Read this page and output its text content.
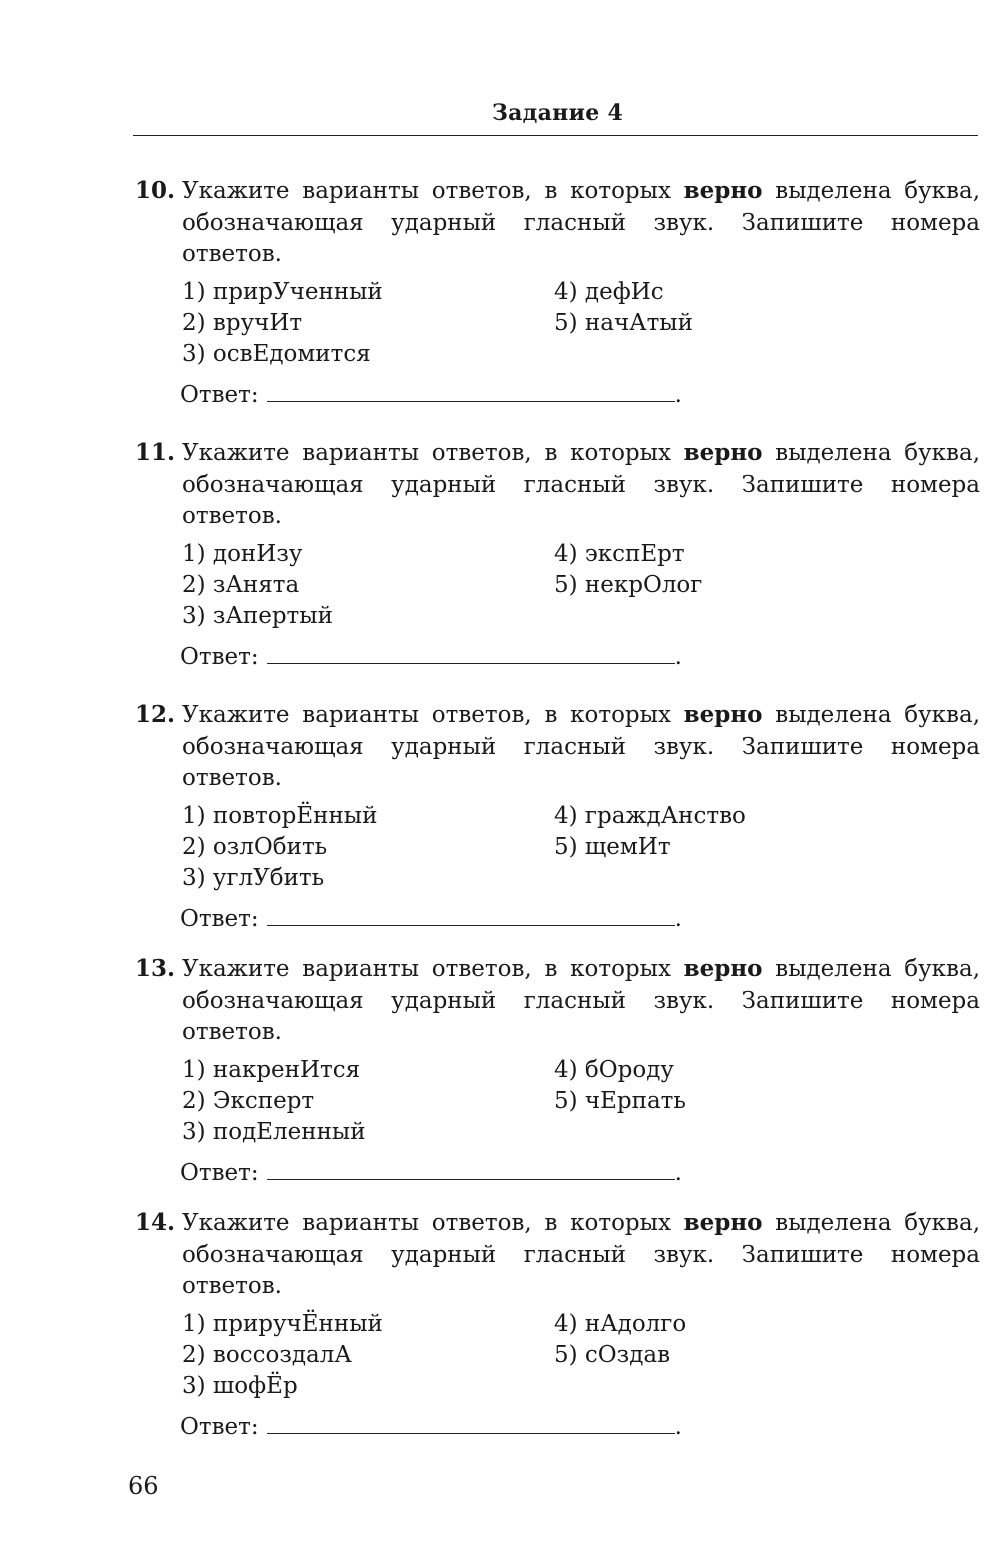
Задание 4
10. Укажите варианты ответов, в которых верно выделена буква, обозначающая ударный гласный звук. Запишите номера ответов.
1) прирУченный
2) вручИт
3) освЕдомится
4) дефИс
5) начАтый
Ответ:	.
11. Укажите варианты ответов, в которых верно выделена буква, обозначающая ударный гласный звук. Запишите номера ответов.
1) донИзу
2) зАнята
3) зАпертый
4) экспЕрт
5) некрОлог
Ответ:	.
12. Укажите варианты ответов, в которых верно выделена буква, обозначающая ударный гласный звук. Запишите номера ответов.
1) повторЁнный
2) озлОбить
3) углУбить
4) граждАнство
5) щемИт
Ответ:	.
13. Укажите варианты ответов, в которых верно выделена буква, обозначающая ударный гласный звук. Запишите номера ответов.
1) накренИтся
2) Эксперт
3) подЕленный
4) бОроду
5) чЕрпать
Ответ:	.
14. Укажите варианты ответов, в которых верно выделена буква, обозначающая ударный гласный звук. Запишите номера ответов.
1) приручЁнный
2) воссоздалА
3) шофЁр
4) нАдолго
5) сОздав
Ответ:	.
66
